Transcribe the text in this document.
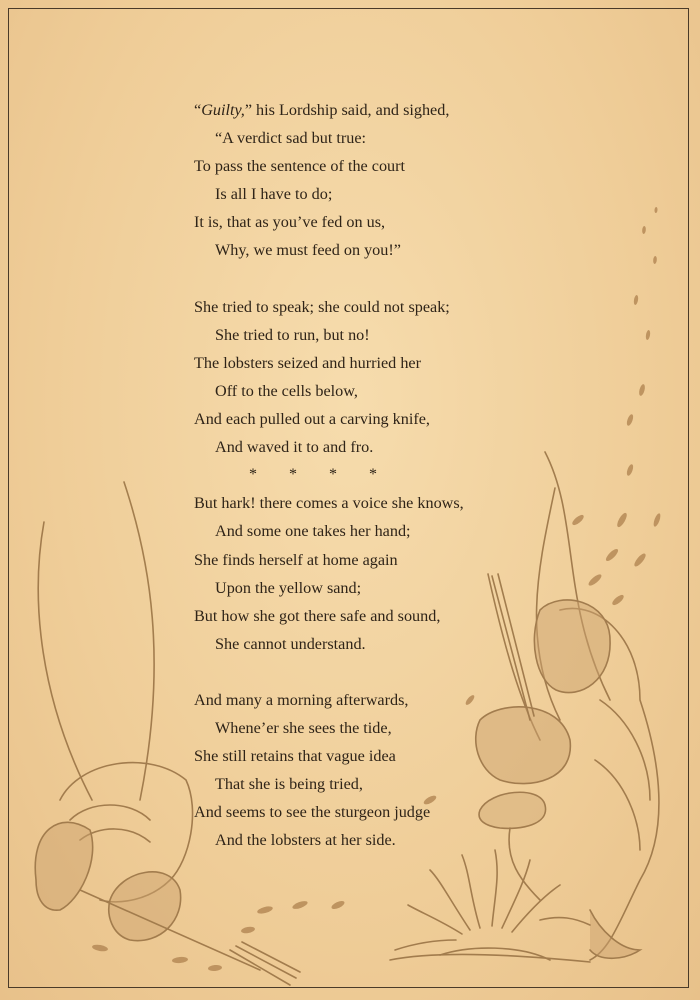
“Guilty,” his Lordship said, and sighed,
“A verdict sad but true:
To pass the sentence of the court
Is all I have to do;
It is, that as you’ve fed on us,
Why, we must feed on you!”
She tried to speak; she could not speak;
She tried to run, but no!
The lobsters seized and hurried her
Off to the cells below,
And each pulled out a carving knife,
And waved it to and fro.
* * * *
But hark! there comes a voice she knows,
And some one takes her hand;
She finds herself at home again
Upon the yellow sand;
But how she got there safe and sound,
She cannot understand.
And many a morning afterwards,
Whene’er she sees the tide,
She still retains that vague idea
That she is being tried,
And seems to see the sturgeon judge
And the lobsters at her side.
